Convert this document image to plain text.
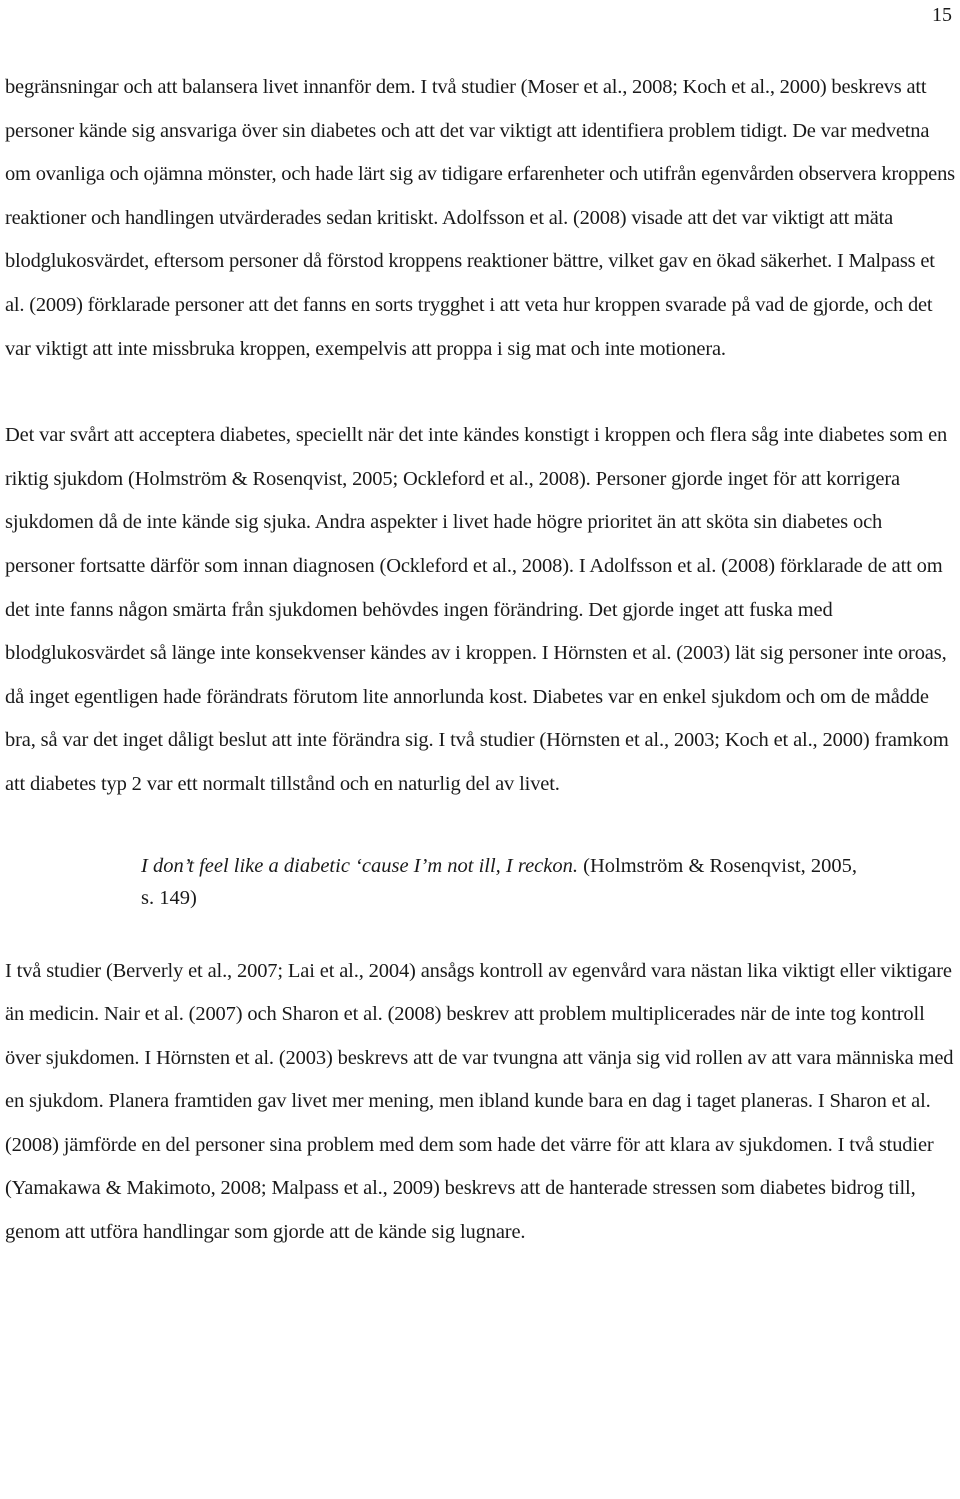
15

begränsningar och att balansera livet innanför dem. I två studier (Moser et al., 2008; Koch et al., 2000) beskrevs att personer kände sig ansvariga över sin diabetes och att det var viktigt att identifiera problem tidigt. De var medvetna om ovanliga och ojämna mönster, och hade lärt sig av tidigare erfarenheter och utifrån egenvården observera kroppens reaktioner och handlingen utvärderades sedan kritiskt. Adolfsson et al. (2008) visade att det var viktigt att mäta blodglukosvärdet, eftersom personer då förstod kroppens reaktioner bättre, vilket gav en ökad säkerhet. I Malpass et al. (2009) förklarade personer att det fanns en sorts trygghet i att veta hur kroppen svarade på vad de gjorde, och det var viktigt att inte missbruka kroppen, exempelvis att proppa i sig mat och inte motionera.

Det var svårt att acceptera diabetes, speciellt när det inte kändes konstigt i kroppen och flera såg inte diabetes som en riktig sjukdom (Holmström & Rosenqvist, 2005; Ockleford et al., 2008). Personer gjorde inget för att korrigera sjukdomen då de inte kände sig sjuka. Andra aspekter i livet hade högre prioritet än att sköta sin diabetes och personer fortsatte därför som innan diagnosen (Ockleford et al., 2008). I Adolfsson et al. (2008) förklarade de att om det inte fanns någon smärta från sjukdomen behövdes ingen förändring. Det gjorde inget att fuska med blodglukosvärdet så länge inte konsekvenser kändes av i kroppen. I Hörnsten et al. (2003) lät sig personer inte oroas, då inget egentligen hade förändrats förutom lite annorlunda kost. Diabetes var en enkel sjukdom och om de mådde bra, så var det inget dåligt beslut att inte förändra sig. I två studier (Hörnsten et al., 2003; Koch et al., 2000) framkom att diabetes typ 2 var ett normalt tillstånd och en naturlig del av livet.

I don’t feel like a diabetic ‘cause I’m not ill, I reckon. (Holmström & Rosenqvist, 2005, s. 149)

I två studier (Berverly et al., 2007; Lai et al., 2004) ansågs kontroll av egenvård vara nästan lika viktigt eller viktigare än medicin. Nair et al. (2007) och Sharon et al. (2008) beskrev att problem multiplicerades när de inte tog kontroll över sjukdomen. I Hörnsten et al. (2003) beskrevs att de var tvungna att vänja sig vid rollen av att vara människa med en sjukdom. Planera framtiden gav livet mer mening, men ibland kunde bara en dag i taget planeras. I Sharon et al. (2008) jämförde en del personer sina problem med dem som hade det värre för att klara av sjukdomen. I två studier (Yamakawa & Makimoto, 2008; Malpass et al., 2009) beskrevs att de hanterade stressen som diabetes bidrog till, genom att utföra handlingar som gjorde att de kände sig lugnare.
